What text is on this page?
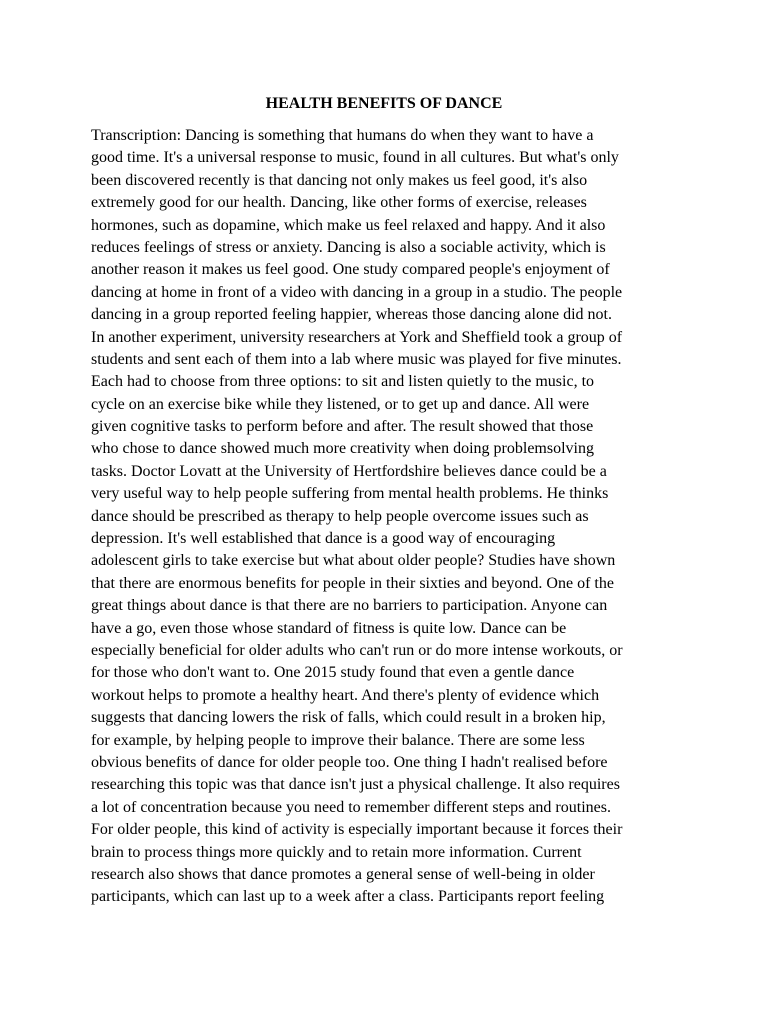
HEALTH BENEFITS OF DANCE
Transcription: Dancing is something that humans do when they want to have a
good time. It's a universal response to music, found in all cultures. But what's only
been discovered recently is that dancing not only makes us feel good, it's also
extremely good for our health. Dancing, like other forms of exercise, releases
hormones, such as dopamine, which make us feel relaxed and happy. And it also
reduces feelings of stress or anxiety. Dancing is also a sociable activity, which is
another reason it makes us feel good. One study compared people's enjoyment of
dancing at home in front of a video with dancing in a group in a studio. The people
dancing in a group reported feeling happier, whereas those dancing alone did not.
In another experiment, university researchers at York and Sheffield took a group of
students and sent each of them into a lab where music was played for five minutes.
Each had to choose from three options: to sit and listen quietly to the music, to
cycle on an exercise bike while they listened, or to get up and dance. All were
given cognitive tasks to perform before and after. The result showed that those
who chose to dance showed much more creativity when doing problemsolving
tasks. Doctor Lovatt at the University of Hertfordshire believes dance could be a
very useful way to help people suffering from mental health problems. He thinks
dance should be prescribed as therapy to help people overcome issues such as
depression. It's well established that dance is a good way of encouraging
adolescent girls to take exercise but what about older people? Studies have shown
that there are enormous benefits for people in their sixties and beyond. One of the
great things about dance is that there are no barriers to participation. Anyone can
have a go, even those whose standard of fitness is quite low. Dance can be
especially beneficial for older adults who can't run or do more intense workouts, or
for those who don't want to. One 2015 study found that even a gentle dance
workout helps to promote a healthy heart. And there's plenty of evidence which
suggests that dancing lowers the risk of falls, which could result in a broken hip,
for example, by helping people to improve their balance. There are some less
obvious benefits of dance for older people too. One thing I hadn't realised before
researching this topic was that dance isn't just a physical challenge. It also requires
a lot of concentration because you need to remember different steps and routines.
For older people, this kind of activity is especially important because it forces their
brain to process things more quickly and to retain more information. Current
research also shows that dance promotes a general sense of well-being in older
participants, which can last up to a week after a class. Participants report feeling
